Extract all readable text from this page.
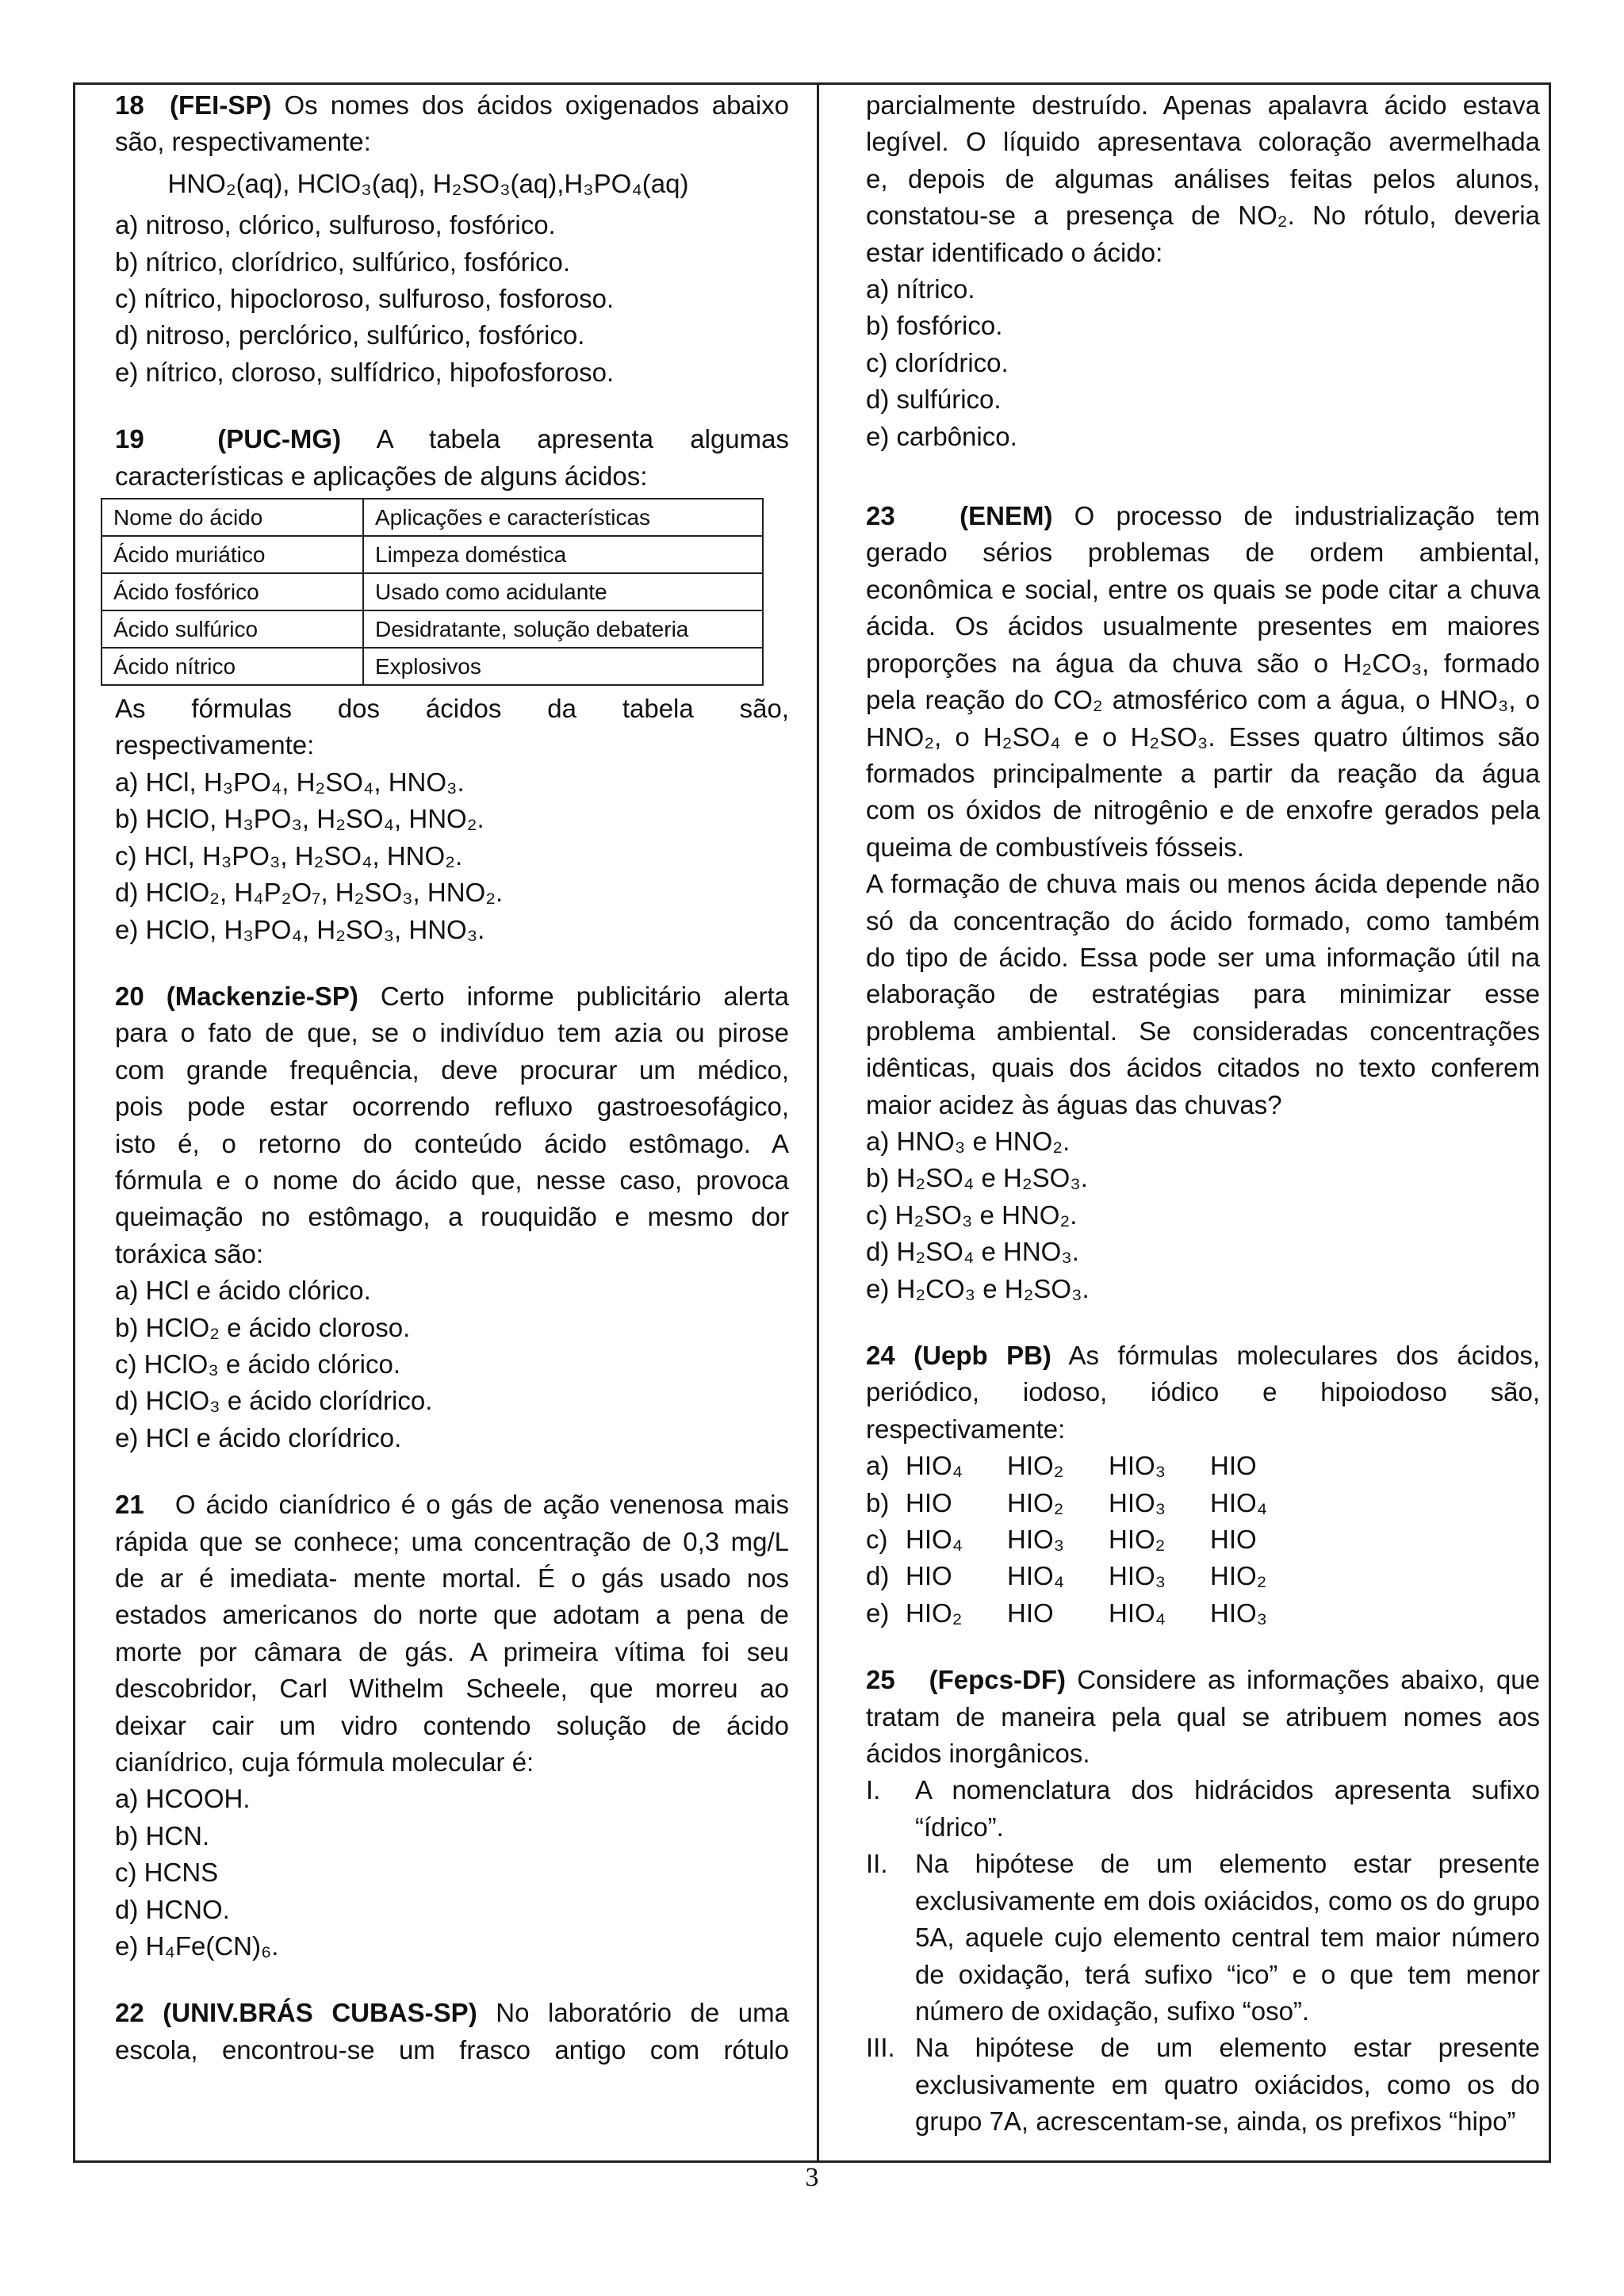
18 (FEI-SP) Os nomes dos ácidos oxigenados abaixo
são, respectivamente:
HNO₂(aq), HClO₃(aq), H₂SO₃(aq),H₃PO₄(aq)
a) nitroso, clórico, sulfuroso, fosfórico.
b) nítrico, clorídrico, sulfúrico, fosfórico.
c) nítrico, hipocloroso, sulfuroso, fosforoso.
d) nitroso, perclórico, sulfúrico, fosfórico.
e) nítrico, cloroso, sulfídrico, hipofosforoso.
19	(PUC-MG) A tabela apresenta algumas
características e aplicações de alguns ácidos:
Nome do ácido	Aplicações e características
Ácido muriático	Limpeza doméstica
Ácido fosfórico	Usado como acidulante
Ácido sulfúrico	Desidratante, solução debateria
Ácido nítrico	Explosivos
As fórmulas dos ácidos da tabela são,
respectivamente:
a) HCl, H₃PO₄, H₂SO₄, HNO₃.
b) HClO, H₃PO₃, H₂SO₄, HNO₂.
c) HCl, H₃PO₃, H₂SO₄, HNO₂.
d) HClO₂, H₄P₂O₇, H₂SO₃, HNO₂.
e) HClO, H₃PO₄, H₂SO₃, HNO₃.
20 (Mackenzie-SP) Certo informe publicitário alerta
para o fato de que, se o indivíduo tem azia ou pirose
com grande frequência, deve procurar um médico,
pois pode estar ocorrendo refluxo gastroesofágico,
isto é, o retorno do conteúdo ácido estômago. A
fórmula e o nome do ácido que, nesse caso, provoca
queimação no estômago, a rouquidão e mesmo dor
toráxica são:
a) HCl e ácido clórico.
b) HClO₂ e ácido cloroso.
c) HClO₃ e ácido clórico.
d) HClO₃ e ácido clorídrico.
e) HCl e ácido clorídrico.
21 O ácido cianídrico é o gás de ação venenosa mais
rápida que se conhece; uma concentração de 0,3 mg/L
de ar é imediata- mente mortal. É o gás usado nos
estados americanos do norte que adotam a pena de
morte por câmara de gás. A primeira vítima foi seu
descobridor, Carl Withelm Scheele, que morreu ao
deixar cair um vidro contendo solução de ácido
cianídrico, cuja fórmula molecular é:
a) HCOOH.
b) HCN.
c) HCNS
d) HCNO.
e) H₄Fe(CN)₆.
22 (UNIV.BRÁS CUBAS-SP) No laboratório de uma
escola, encontrou-se um frasco antigo com rótulo
parcialmente destruído. Apenas apalavra ácido estava
legível. O líquido apresentava coloração avermelhada
e, depois de algumas análises feitas pelos alunos,
constatou-se a presença de NO₂. No rótulo, deveria
estar identificado o ácido:
a) nítrico.
b) fosfórico.
c) clorídrico.
d) sulfúrico.
e) carbônico.
23 (ENEM) O processo de industrialização tem
gerado sérios problemas de ordem ambiental,
econômica e social, entre os quais se pode citar a chuva
ácida. Os ácidos usualmente presentes em maiores
proporções na água da chuva são o H₂CO₃, formado
pela reação do CO₂ atmosférico com a água, o HNO₃, o
HNO₂, o H₂SO₄ e o H₂SO₃. Esses quatro últimos são
formados principalmente a partir da reação da água
com os óxidos de nitrogênio e de enxofre gerados pela
queima de combustíveis fósseis.
A formação de chuva mais ou menos ácida depende não
só da concentração do ácido formado, como também
do tipo de ácido. Essa pode ser uma informação útil na
elaboração de estratégias para minimizar esse
problema ambiental. Se consideradas concentrações
idênticas, quais dos ácidos citados no texto conferem
maior acidez às águas das chuvas?
a) HNO₃ e HNO₂.
b) H₂SO₄ e H₂SO₃.
c) H₂SO₃ e HNO₂.
d) H₂SO₄ e HNO₃.
e) H₂CO₃ e H₂SO₃.
24 (Uepb PB) As fórmulas moleculares dos ácidos,
periódico, iodoso, iódico e hipoiodoso são,
respectivamente:
a) HIO₄ HIO₂ HIO₃ HIO
b) HIO HIO₂ HIO₃ HIO₄
c) HIO₄ HIO₃ HIO₂ HIO
d) HIO HIO₄ HIO₃ HIO₂
e) HIO₂ HIO HIO₄ HIO₃
25 (Fepcs-DF) Considere as informações abaixo, que
tratam de maneira pela qual se atribuem nomes aos
ácidos inorgânicos.
I.	A nomenclatura dos hidrácidos apresenta sufixo “ídrico”.
II.	Na hipótese de um elemento estar presente exclusivamente em dois oxiácidos, como os do grupo 5A, aquele cujo elemento central tem maior número de oxidação, terá sufixo “ico” e o que tem menor número de oxidação, sufixo “oso”.
III. Na hipótese de um elemento estar presente exclusivamente em quatro oxiácidos, como os do grupo 7A, acrescentam-se, ainda, os prefixos “hipo”
3
